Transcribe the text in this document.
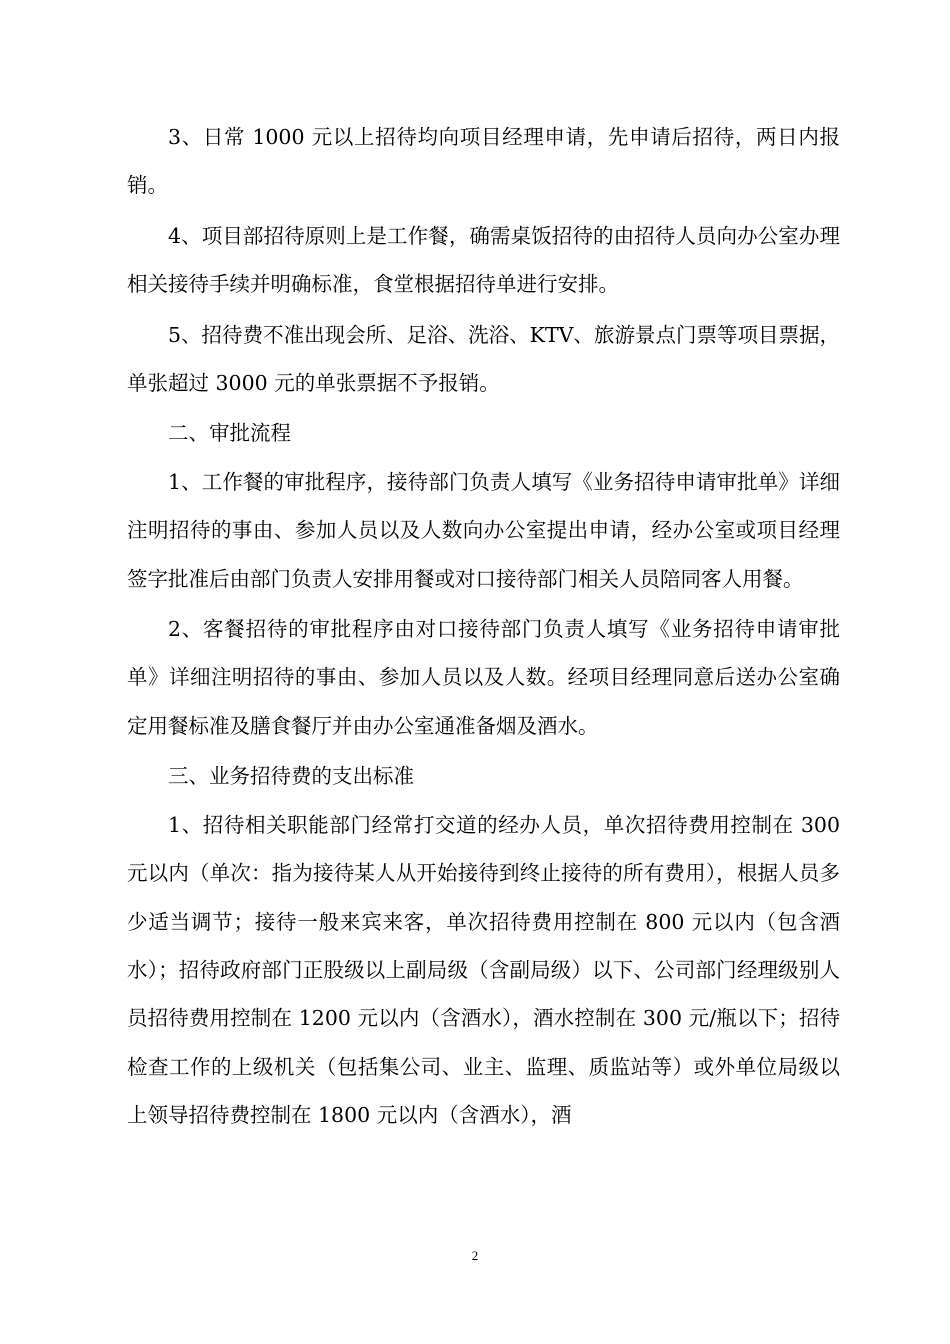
3、日常 1000 元以上招待均向项目经理申请，先申请后招待，两日内报销。

4、项目部招待原则上是工作餐，确需桌饭招待的由招待人员向办公室办理相关接待手续并明确标准，食堂根据招待单进行安排。

5、招待费不准出现会所、足浴、洗浴、KTV、旅游景点门票等项目票据，单张超过 3000 元的单张票据不予报销。

二、审批流程

1、工作餐的审批程序，接待部门负责人填写《业务招待申请审批单》详细注明招待的事由、参加人员以及人数向办公室提出申请，经办公室或项目经理签字批准后由部门负责人安排用餐或对口接待部门相关人员陪同客人用餐。

2、客餐招待的审批程序由对口接待部门负责人填写《业务招待申请审批单》详细注明招待的事由、参加人员以及人数。经项目经理同意后送办公室确定用餐标准及膳食餐厅并由办公室通准备烟及酒水。

三、业务招待费的支出标准

1、招待相关职能部门经常打交道的经办人员，单次招待费用控制在 300 元以内（单次：指为接待某人从开始接待到终止接待的所有费用），根据人员多少适当调节；接待一般来宾来客，单次招待费用控制在 800 元以内（包含酒水）；招待政府部门正股级以上副局级（含副局级）以下、公司部门经理级别人员招待费用控制在 1200 元以内（含酒水），酒水控制在 300 元/瓶以下；招待检查工作的上级机关（包括集公司、业主、监理、质监站等）或外单位局级以上领导招待费控制在 1800 元以内（含酒水），酒

2
